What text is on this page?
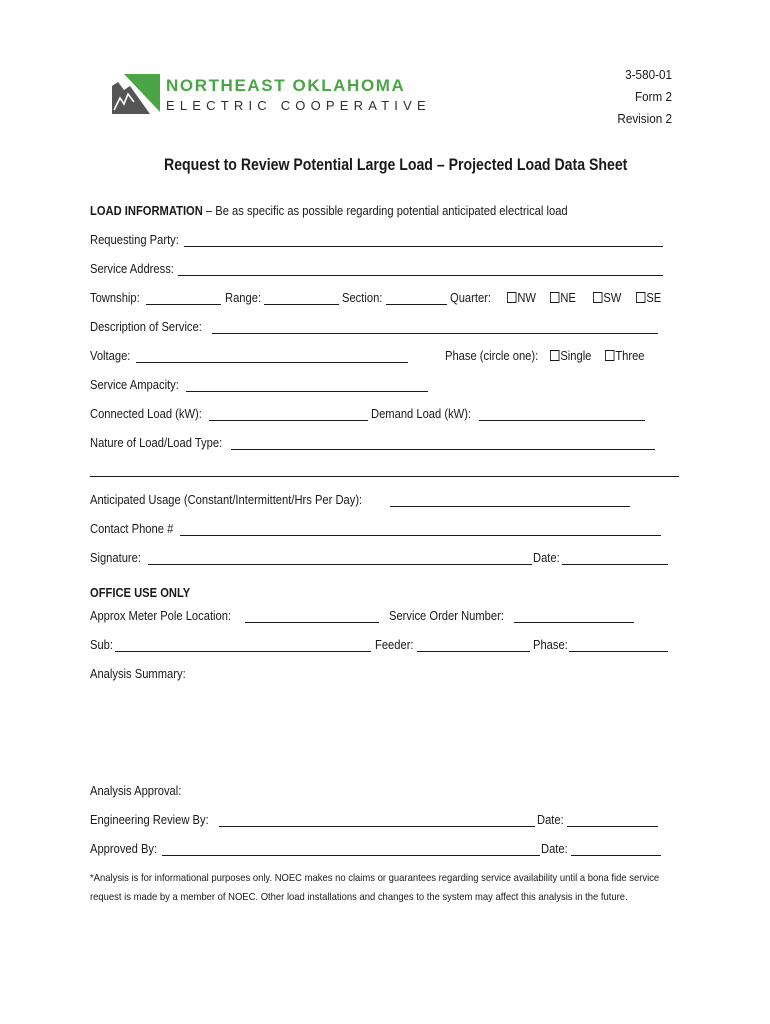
NORTHEAST OKLAHOMA
ELECTRIC COOPERATIVE
3-580-01
Form 2
Revision 2
Request to Review Potential Large Load – Projected Load Data Sheet
LOAD INFORMATION – Be as specific as possible regarding potential anticipated electrical load
Requesting Party:
Service Address:
Township:	Range:	Section:	Quarter:	NW	NE	SW	SE
Description of Service:
Voltage:	Phase (circle one):	Single	Three
Service Ampacity:
Connected Load (kW):	Demand Load (kW):
Nature of Load/Load Type:
Anticipated Usage (Constant/Intermittent/Hrs Per Day):
Contact Phone #
Signature:	Date:
OFFICE USE ONLY
Approx Meter Pole Location:	Service Order Number:
Sub:	Feeder:	Phase:
Analysis Summary:
Analysis Approval:
Engineering Review By:	Date:
Approved By:	Date:
*Analysis is for informational purposes only. NOEC makes no claims or guarantees regarding service availability until a bona fide service request is made by a member of NOEC. Other load installations and changes to the system may affect this analysis in the future.
